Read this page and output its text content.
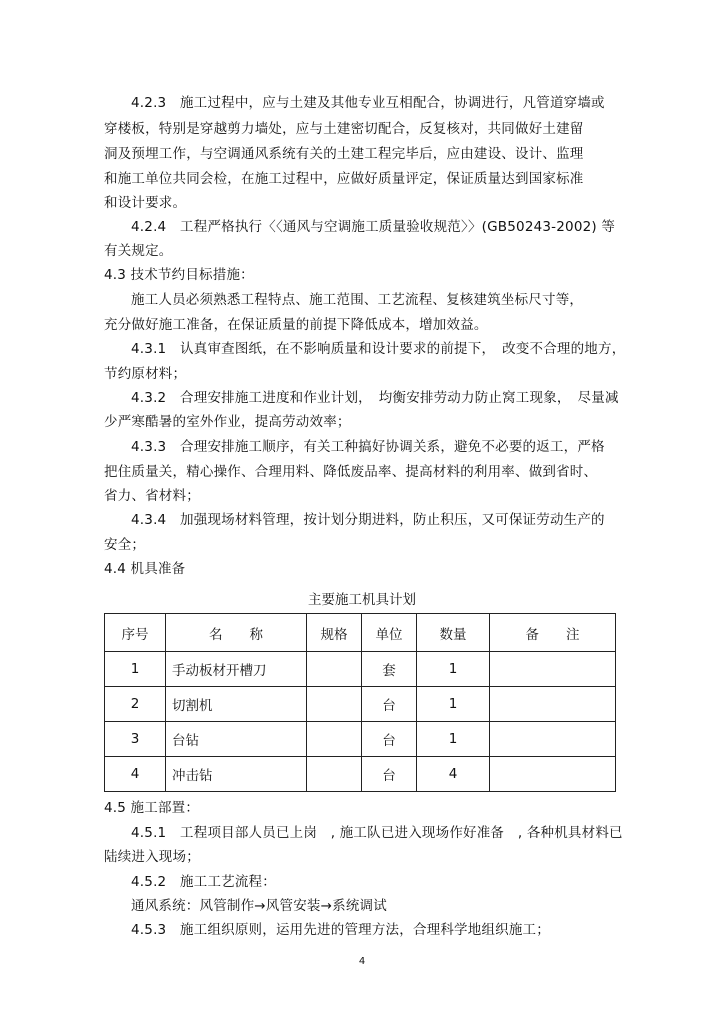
4.2.3　施工过程中，应与土建及其他专业互相配合，协调进行，凡管道穿墙或
穿楼板，特别是穿越剪力墙处，应与土建密切配合，反复核对，共同做好土建留
洞及预埋工作，与空调通风系统有关的土建工程完毕后，应由建设、设计、监理
和施工单位共同会检，在施工过程中，应做好质量评定，保证质量达到国家标准
和设计要求。
4.2.4　工程严格执行〈〈通风与空调施工质量验收规范〉〉(GB50243-2002) 等
有关规定。
4.3 技术节约目标措施：
施工人员必须熟悉工程特点、施工范围、工艺流程、复核建筑坐标尺寸等，
充分做好施工准备，在保证质量的前提下降低成本，增加效益。
4.3.1　认真审查图纸，在不影响质量和设计要求的前提下，　改变不合理的地方，
节约原材料；
4.3.2　合理安排施工进度和作业计划，　均衡安排劳动力防止窝工现象，　尽量减
少严寒酷暑的室外作业，提高劳动效率；
4.3.3　合理安排施工顺序，有关工种搞好协调关系，避免不必要的返工，严格
把住质量关，精心操作、合理用料、降低废品率、提高材料的利用率、做到省时、
省力、省材料；
4.3.4　加强现场材料管理，按计划分期进料，防止积压，又可保证劳动生产的
安全；
4.4 机具准备
主要施工机具计划
序号	名　　称	规格	单位	数量	备　　注
1	手动板材开槽刀		套	1	
2	切割机		台	1	
3	台钻		台	1	
4	冲击钻		台	4	
4.5 施工部置：
4.5.1　工程项目部人员已上岗　, 施工队已进入现场作好准备　, 各种机具材料已
陆续进入现场；
4.5.2　施工工艺流程：
通风系统：风管制作→风管安装→系统调试
4.5.3　施工组织原则，运用先进的管理方法，合理科学地组织施工；
4
